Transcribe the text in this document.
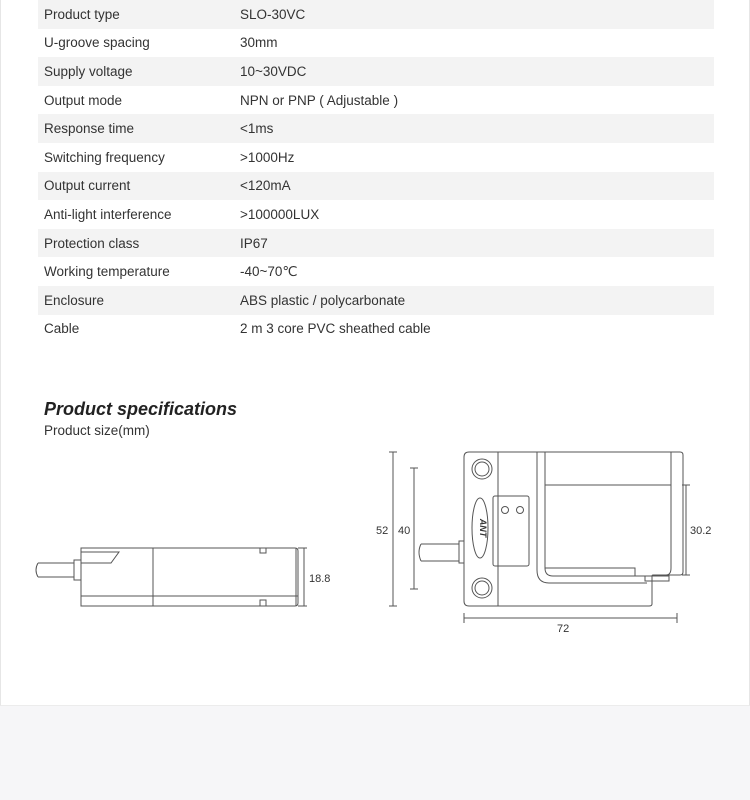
Product type	SLO-30VC
U-groove spacing	30mm
Supply voltage	10~30VDC
Output mode	NPN or PNP ( Adjustable )
Response time	<1ms
Switching frequency	>1000Hz
Output current	<120mA
Anti-light interference	>100000LUX
Protection class	IP67
Working temperature	-40~70℃
Enclosure	ABS plastic / polycarbonate
Cable	2 m 3 core PVC sheathed cable
Product specifications
Product size(mm)
18.8
52 40	ANT	30.2
72
